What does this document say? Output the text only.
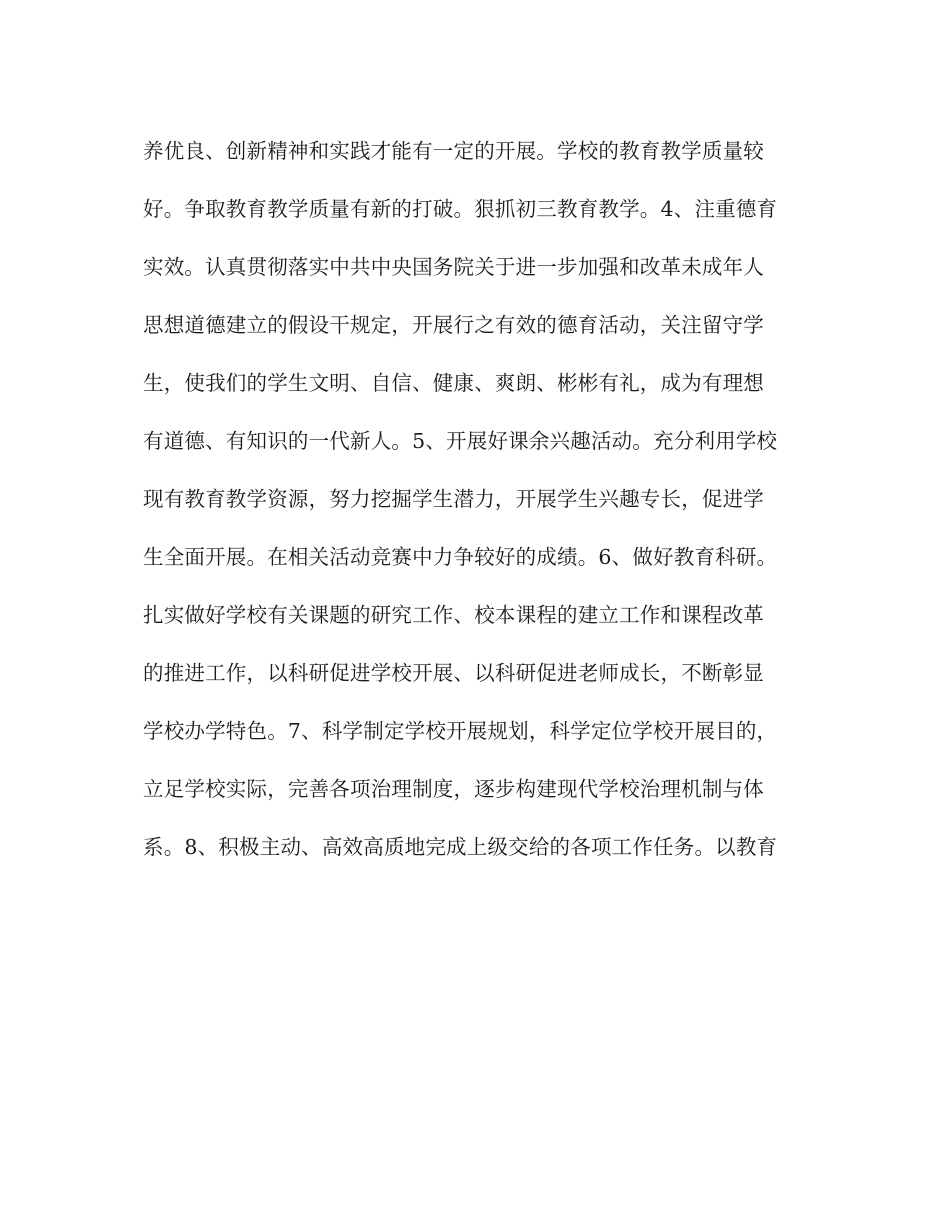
养优良、创新精神和实践才能有一定的开展。学校的教育教学质量较
好。争取教育教学质量有新的打破。狠抓初三教育教学。4、注重德育
实效。认真贯彻落实中共中央国务院关于进一步加强和改革未成年人
思想道德建立的假设干规定，开展行之有效的德育活动，关注留守学
生，使我们的学生文明、自信、健康、爽朗、彬彬有礼，成为有理想
有道德、有知识的一代新人。5、开展好课余兴趣活动。充分利用学校
现有教育教学资源，努力挖掘学生潜力，开展学生兴趣专长，促进学
生全面开展。在相关活动竞赛中力争较好的成绩。6、做好教育科研。
扎实做好学校有关课题的研究工作、校本课程的建立工作和课程改革
的推进工作，以科研促进学校开展、以科研促进老师成长，不断彰显
学校办学特色。7、科学制定学校开展规划，科学定位学校开展目的，
立足学校实际，完善各项治理制度，逐步构建现代学校治理机制与体
系。8、积极主动、高效高质地完成上级交给的各项工作任务。以教育
